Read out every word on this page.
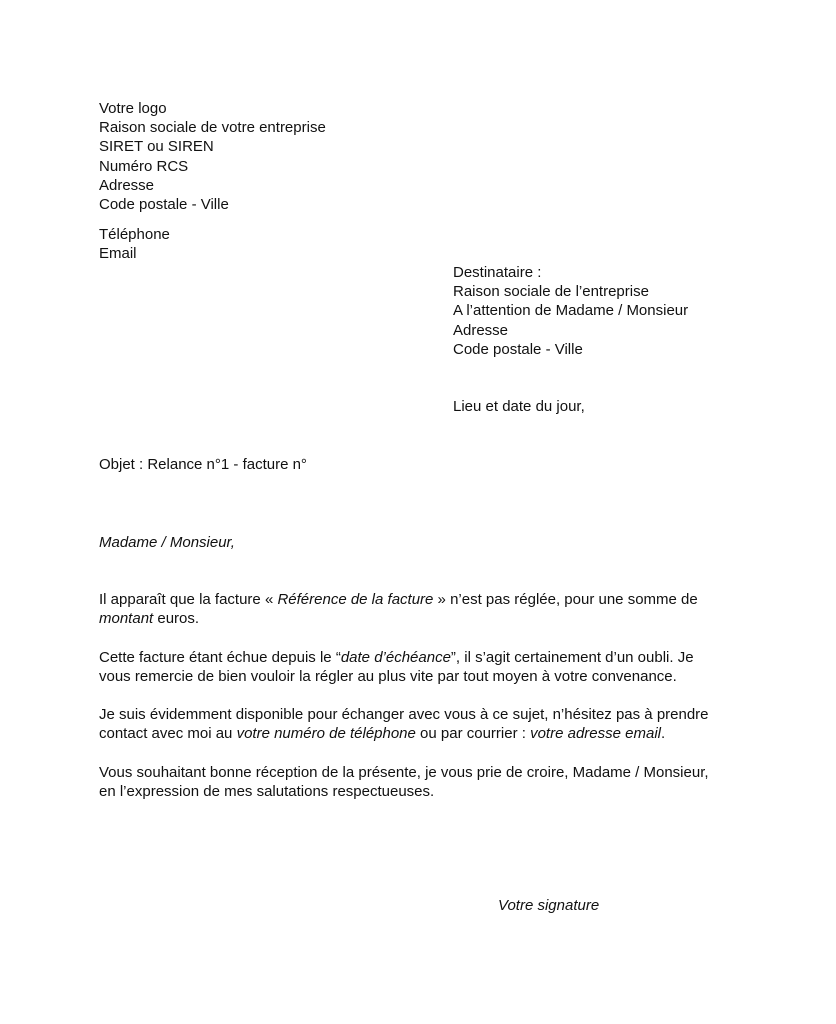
Votre logo
Raison sociale de votre entreprise
SIRET ou SIREN
Numéro RCS
Adresse
Code postale - Ville
Téléphone
Email
Destinataire :
Raison sociale de l’entreprise
A l’attention de Madame / Monsieur
Adresse
Code postale - Ville
Lieu et date du jour,
Objet : Relance n°1 - facture n°
Madame / Monsieur,
Il apparaît que la facture « Référence de la facture » n’est pas réglée, pour une somme de
montant euros.
Cette facture étant échue depuis le “date d’échéance”, il s’agit certainement d’un oubli. Je
vous remercie de bien vouloir la régler au plus vite par tout moyen à votre convenance.
Je suis évidemment disponible pour échanger avec vous à ce sujet, n’hésitez pas à prendre
contact avec moi au votre numéro de téléphone ou par courrier : votre adresse email.
Vous souhaitant bonne réception de la présente, je vous prie de croire, Madame / Monsieur,
en l’expression de mes salutations respectueuses.
Votre signature
